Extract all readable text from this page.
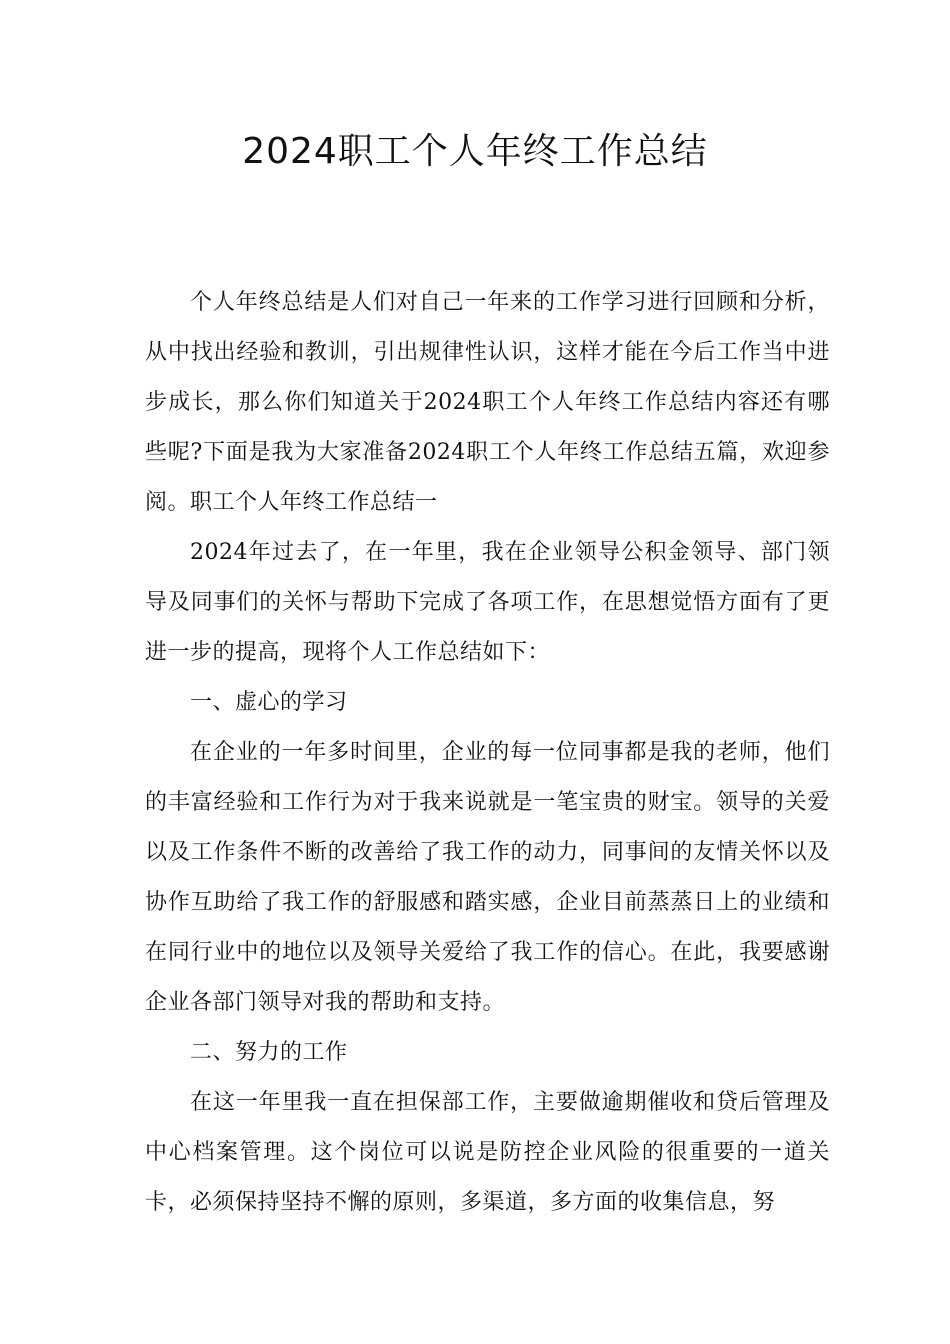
2024职工个人年终工作总结

个人年终总结是人们对自己一年来的工作学习进行回顾和分析，从中找出经验和教训，引出规律性认识，这样才能在今后工作当中进步成长，那么你们知道关于2024职工个人年终工作总结内容还有哪些呢?下面是我为大家准备2024职工个人年终工作总结五篇，欢迎参阅。职工个人年终工作总结一

2024年过去了，在一年里，我在企业领导公积金领导、部门领导及同事们的关怀与帮助下完成了各项工作，在思想觉悟方面有了更进一步的提高，现将个人工作总结如下：

一、虚心的学习

在企业的一年多时间里，企业的每一位同事都是我的老师，他们的丰富经验和工作行为对于我来说就是一笔宝贵的财宝。领导的关爱以及工作条件不断的改善给了我工作的动力，同事间的友情关怀以及协作互助给了我工作的舒服感和踏实感，企业目前蒸蒸日上的业绩和在同行业中的地位以及领导关爱给了我工作的信心。在此，我要感谢企业各部门领导对我的帮助和支持。

二、努力的工作

在这一年里我一直在担保部工作，主要做逾期催收和贷后管理及中心档案管理。这个岗位可以说是防控企业风险的很重要的一道关卡，必须保持坚持不懈的原则，多渠道，多方面的收集信息，努
